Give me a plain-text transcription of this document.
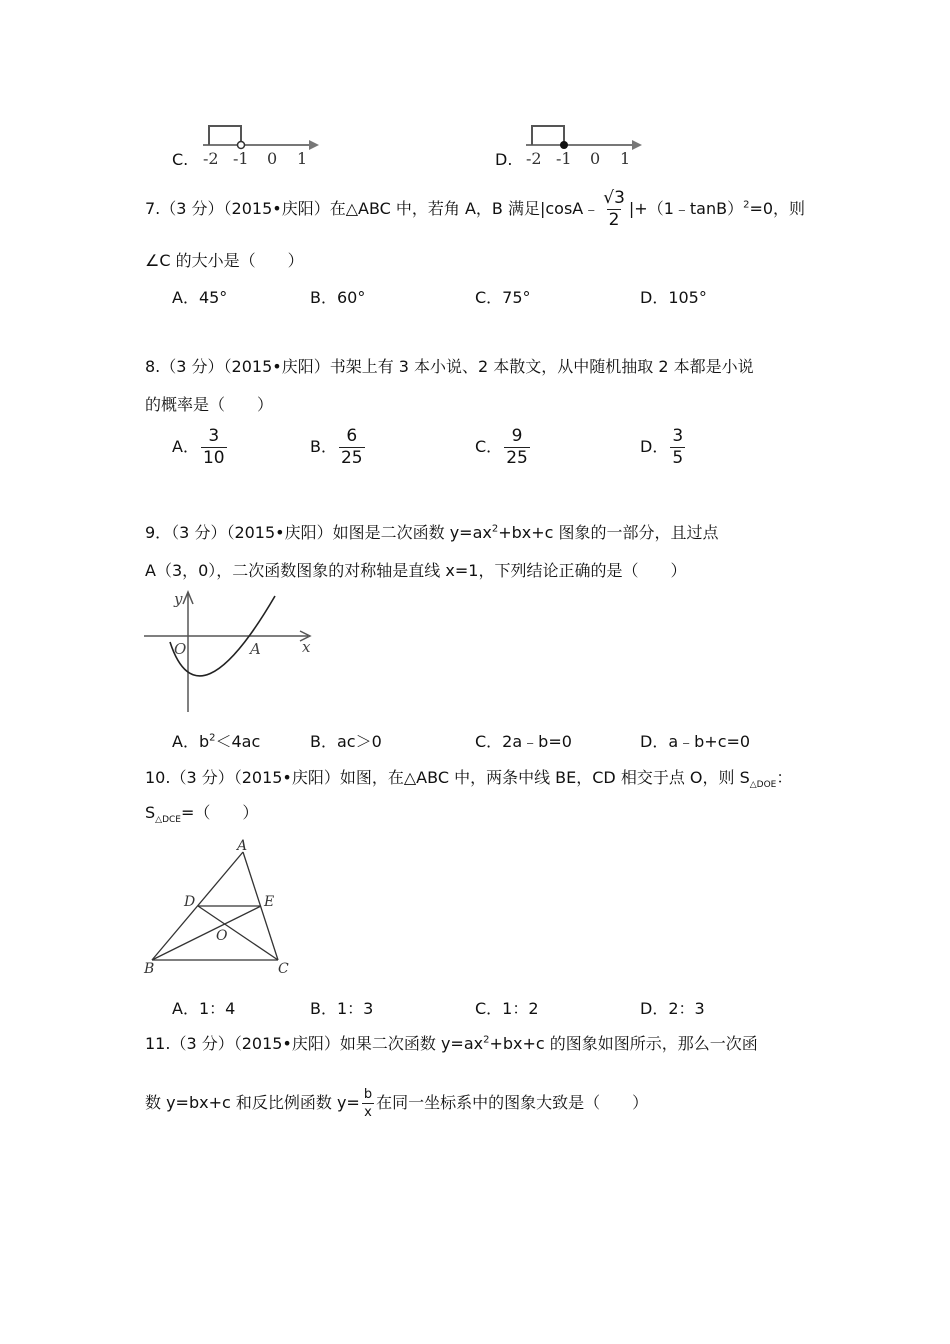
C. -2 -1 0 1	D. -2 -1 0 1
7.（3 分）（2015•庆阳）在△ABC 中，若角 A，B 满足|cosA﹣ $\frac{√3}{2}$ |+（1﹣tanB）$^2$=0，则
∠C 的大小是（　　）
A．45°	B．60°	C．75°	D．105°
8.（3 分）（2015•庆阳）书架上有 3 本小说、2 本散文，从中随机抽取 2 本都是小说
的概率是（　　）
A． $\frac{3}{10}$	B． $\frac{6}{25}$	C． $\frac{9}{25}$	D． $\frac{3}{5}$
9．（3 分）（2015•庆阳）如图是二次函数 $y=ax^2+bx+c$ 图象的一部分，且过点
A（3，0），二次函数图象的对称轴是直线 x=1，下列结论正确的是（　　）
y
x
O	A
A．$b^2<4ac$	B．ac＞0	C．2a﹣b=0	D．a﹣b+c=0
10.（3 分）（2015•庆阳）如图，在△ABC 中，两条中线 BE，CD 相交于点 O，则 $S_{\triangle DOE}$：
$S_{\triangle DCE}=$（　　）
A
D	E
O
B	C
A．1：4	B．1：3	C．1：2	D．2：3
11.（3 分）（2015•庆阳）如果二次函数 $y=ax^2+bx+c$ 的图象如图所示，那么一次函
数 y=bx+c 和反比例函数 $y= \frac{b}{x}$ 在同一坐标系中的图象大致是（　　）
